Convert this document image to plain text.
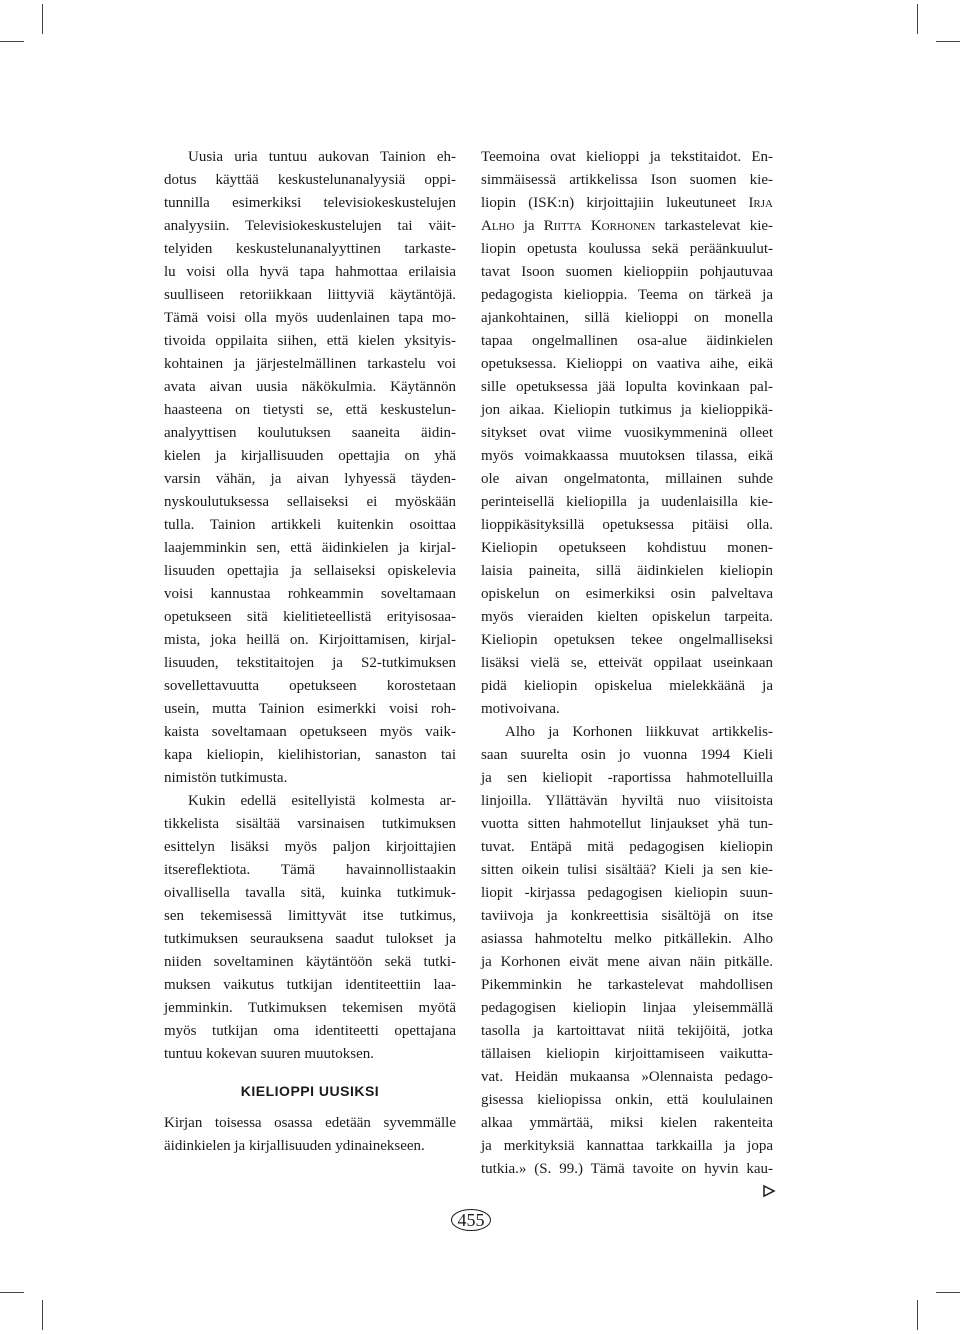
Uusia uria tuntuu aukovan Tainion eh-
dotus käyttää keskustelunanalyysiä oppi-
tunnilla esimerkiksi televisiokeskustelujen
analyysiin. Televisiokeskustelujen tai väit-
telyiden keskustelunanalyyttinen tarkaste-
lu voisi olla hyvä tapa hahmottaa erilaisia
suulliseen retoriikkaan liittyviä käytäntöjä.
Tämä voisi olla myös uudenlainen tapa mo-
tivoida oppilaita siihen, että kielen yksityis-
kohtainen ja järjestelmällinen tarkastelu voi
avata aivan uusia näkökulmia. Käytännön
haasteena on tietysti se, että keskustelun-
analyyttisen koulutuksen saaneita äidin-
kielen ja kirjallisuuden opettajia on yhä
varsin vähän, ja aivan lyhyessä täyden-
nyskoulutuksessa sellaiseksi ei myöskään
tulla. Tainion artikkeli kuitenkin osoittaa
laajemminkin sen, että äidinkielen ja kirjal-
lisuuden opettajia ja sellaiseksi opiskelevia
voisi kannustaa rohkeammin soveltamaan
opetukseen sitä kielitieteellistä erityisosaa-
mista, joka heillä on. Kirjoittamisen, kirjal-
lisuuden, tekstitaitojen ja S2-tutkimuksen
sovellettavuutta opetukseen korostetaan
usein, mutta Tainion esimerkki voisi roh-
kaista soveltamaan opetukseen myös vaik-
kapa kieliopin, kielihistorian, sanaston tai
nimistön tutkimusta.
Kukin edellä esitellyistä kolmesta ar-
tikkelista sisältää varsinaisen tutkimuksen
esittelyn lisäksi myös paljon kirjoittajien
itsereflektiota. Tämä havainnollistaakin
oivallisella tavalla sitä, kuinka tutkimuk-
sen tekemisessä limittyvät itse tutkimus,
tutkimuksen seurauksena saadut tulokset ja
niiden soveltaminen käytäntöön sekä tutki-
muksen vaikutus tutkijan identiteettiin laa-
jemminkin. Tutkimuksen tekemisen myötä
myös tutkijan oma identiteetti opettajana
tuntuu kokevan suuren muutoksen.
KIELIOPPI UUSIKSI
Kirjan toisessa osassa edetään syvemmälle
äidinkielen ja kirjallisuuden ydinainekseen.
Teemoina ovat kielioppi ja tekstitaidot. En-
simmäisessä artikkelissa Ison suomen kie-
liopin (ISK:n) kirjoittajiin lukeutuneet Irja
Alho ja Riitta Korhonen tarkastelevat kie-
liopin opetusta koulussa sekä peräänkuulut-
tavat Isoon suomen kielioppiin pohjautuvaa
pedagogista kielioppia. Teema on tärkeä ja
ajankohtainen, sillä kielioppi on monella
tapaa ongelmallinen osa-alue äidinkielen
opetuksessa. Kielioppi on vaativa aihe, eikä
sille opetuksessa jää lopulta kovinkaan pal-
jon aikaa. Kieliopin tutkimus ja kielioppikä-
sitykset ovat viime vuosikymmeninä olleet
myös voimakkaassa muutoksen tilassa, eikä
ole aivan ongelmatonta, millainen suhde
perinteisellä kieliopilla ja uudenlaisilla kie-
lioppikäsityksillä opetuksessa pitäisi olla.
Kieliopin opetukseen kohdistuu monen-
laisia paineita, sillä äidinkielen kieliopin
opiskelun on esimerkiksi osin palveltava
myös vieraiden kielten opiskelun tarpeita.
Kieliopin opetuksen tekee ongelmalliseksi
lisäksi vielä se, etteivät oppilaat useinkaan
pidä kieliopin opiskelua mielekkäänä ja
motivoivana.
Alho ja Korhonen liikkuvat artikkelis-
saan suurelta osin jo vuonna 1994 Kieli
ja sen kieliopit -raportissa hahmotelluilla
linjoilla. Yllättävän hyviltä nuo viisitoista
vuotta sitten hahmotellut linjaukset yhä tun-
tuvat. Entäpä mitä pedagogisen kieliopin
sitten oikein tulisi sisältää? Kieli ja sen kie-
liopit -kirjassa pedagogisen kieliopin suun-
taviivoja ja konkreettisia sisältöjä on itse
asiassa hahmoteltu melko pitkällekin. Alho
ja Korhonen eivät mene aivan näin pitkälle.
Pikemminkin he tarkastelevat mahdollisen
pedagogisen kieliopin linjaa yleisemmällä
tasolla ja kartoittavat niitä tekijöitä, jotka
tällaisen kieliopin kirjoittamiseen vaikutta-
vat. Heidän mukaansa »Olennaista pedago-
gisessa kieliopissa onkin, että koululainen
alkaa ymmärtää, miksi kielen rakenteita
ja merkityksiä kannattaa tarkkailla ja jopa
tutkia.» (S. 99.) Tämä tavoite on hyvin kau-
455
